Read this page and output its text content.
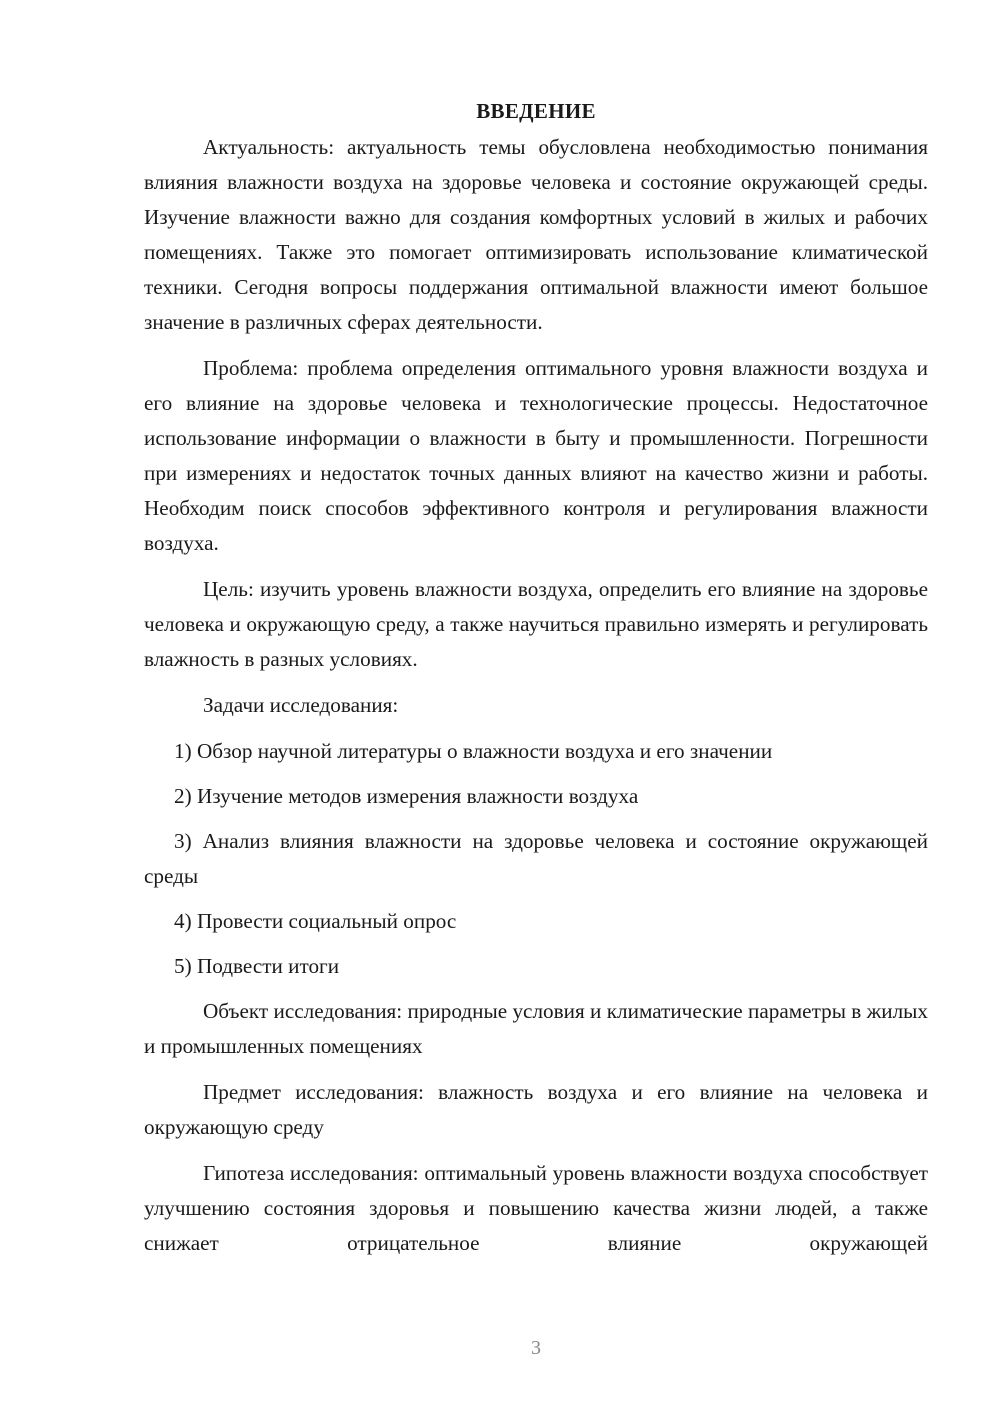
ВВЕДЕНИЕ

Актуальность: актуальность темы обусловлена необходимостью понимания влияния влажности воздуха на здоровье человека и состояние окружающей среды. Изучение влажности важно для создания комфортных условий в жилых и рабочих помещениях. Также это помогает оптимизировать использование климатической техники. Сегодня вопросы поддержания оптимальной влажности имеют большое значение в различных сферах деятельности.

Проблема: проблема определения оптимального уровня влажности воздуха и его влияние на здоровье человека и технологические процессы. Недостаточное использование информации о влажности в быту и промышленности. Погрешности при измерениях и недостаток точных данных влияют на качество жизни и работы. Необходим поиск способов эффективного контроля и регулирования влажности воздуха.

Цель: изучить уровень влажности воздуха, определить его влияние на здоровье человека и окружающую среду, а также научиться правильно измерять и регулировать влажность в разных условиях.

Задачи исследования:

1) Обзор научной литературы о влажности воздуха и его значении

2) Изучение методов измерения влажности воздуха

3) Анализ влияния влажности на здоровье человека и состояние окружающей среды

4) Провести социальный опрос

5) Подвести итоги

Объект исследования: природные условия и климатические параметры в жилых и промышленных помещениях

Предмет исследования: влажность воздуха и его влияние на человека и окружающую среду

Гипотеза исследования: оптимальный уровень влажности воздуха способствует улучшению состояния здоровья и повышению качества жизни людей, а также снижает отрицательное влияние окружающей

3
